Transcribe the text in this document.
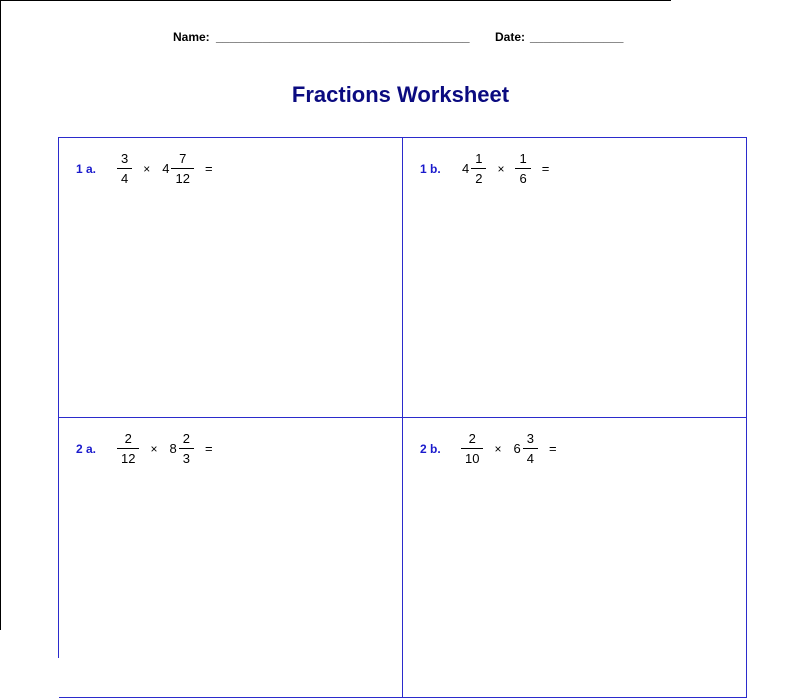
Name: ______________________________________ Date: ______________
Fractions Worksheet
1 a.	$\frac{3}{4} \times 4 \frac{7}{12}$ =	1 b.	$4 \frac{1}{2} \times \frac{1}{6}$ =
2 a.	$\frac{2}{12} \times 8 \frac{2}{3}$ =	2 b.	$\frac{2}{10} \times 6 \frac{3}{4}$ =
